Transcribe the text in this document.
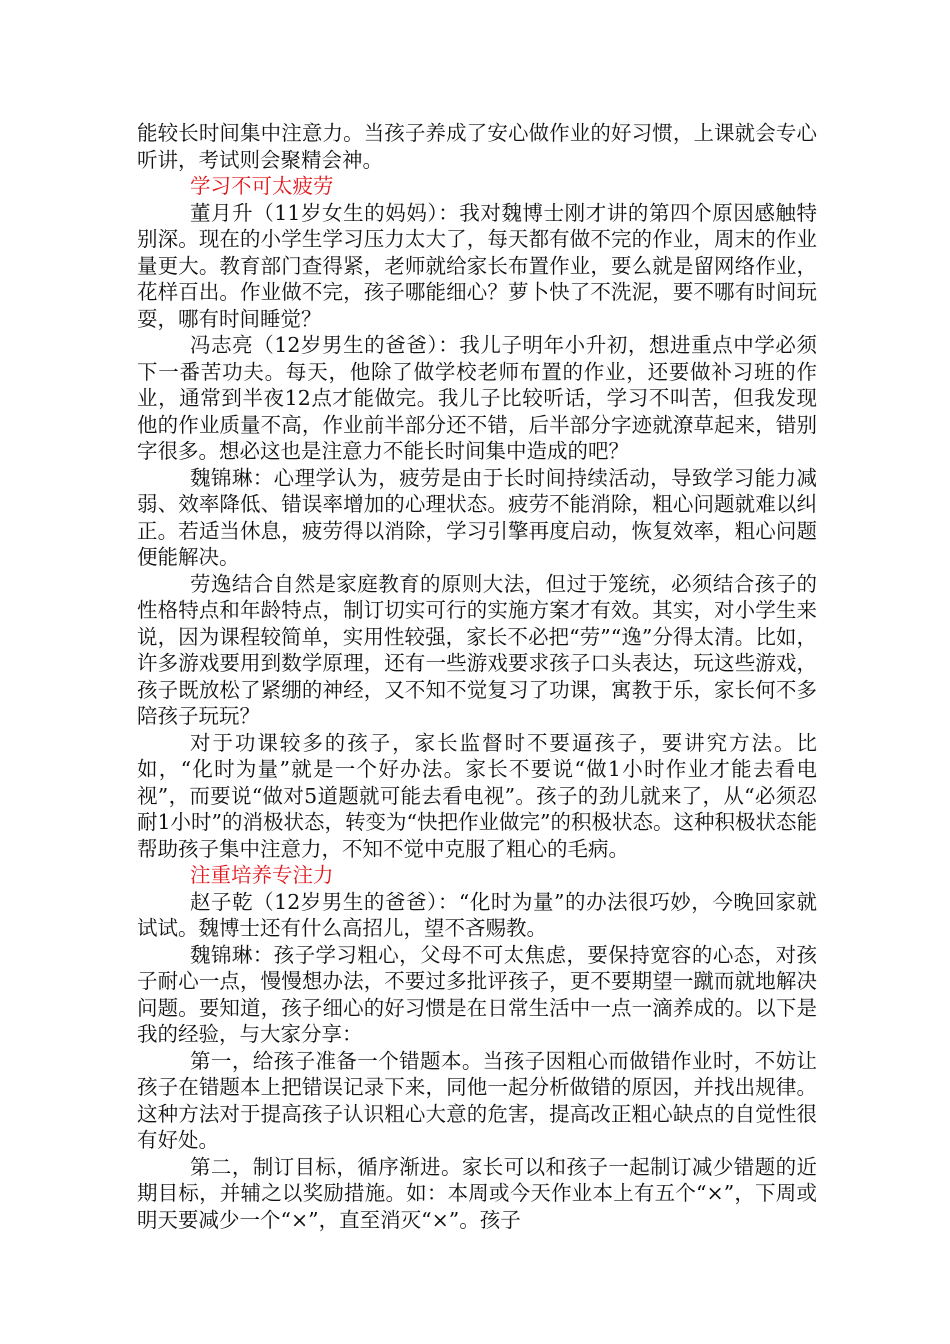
能较长时间集中注意力。当孩子养成了安心做作业的好习惯，上课就会专心听讲，考试则会聚精会神。

学习不可太疲劳

董月升（11岁女生的妈妈）：我对魏博士刚才讲的第四个原因感触特别深。现在的小学生学习压力太大了，每天都有做不完的作业，周末的作业量更大。教育部门查得紧，老师就给家长布置作业，要么就是留网络作业，花样百出。作业做不完，孩子哪能细心？萝卜快了不洗泥，要不哪有时间玩耍，哪有时间睡觉？

冯志亮（12岁男生的爸爸）：我儿子明年小升初，想进重点中学必须下一番苦功夫。每天，他除了做学校老师布置的作业，还要做补习班的作业，通常到半夜12点才能做完。我儿子比较听话，学习不叫苦，但我发现他的作业质量不高，作业前半部分还不错，后半部分字迹就潦草起来，错别字很多。想必这也是注意力不能长时间集中造成的吧？

魏锦琳：心理学认为，疲劳是由于长时间持续活动，导致学习能力减弱、效率降低、错误率增加的心理状态。疲劳不能消除，粗心问题就难以纠正。若适当休息，疲劳得以消除，学习引擎再度启动，恢复效率，粗心问题便能解决。

劳逸结合自然是家庭教育的原则大法，但过于笼统，必须结合孩子的性格特点和年龄特点，制订切实可行的实施方案才有效。其实，对小学生来说，因为课程较简单，实用性较强，家长不必把“劳”“逸”分得太清。比如，许多游戏要用到数学原理，还有一些游戏要求孩子口头表达，玩这些游戏，孩子既放松了紧绷的神经，又不知不觉复习了功课，寓教于乐，家长何不多陪孩子玩玩？

对于功课较多的孩子，家长监督时不要逼孩子，要讲究方法。比如，“化时为量”就是一个好办法。家长不要说“做1小时作业才能去看电视”，而要说“做对5道题就可能去看电视”。孩子的劲儿就来了，从“必须忍耐1小时”的消极状态，转变为“快把作业做完”的积极状态。这种积极状态能帮助孩子集中注意力，不知不觉中克服了粗心的毛病。

注重培养专注力

赵子乾（12岁男生的爸爸）：“化时为量”的办法很巧妙，今晚回家就试试。魏博士还有什么高招儿，望不吝赐教。

魏锦琳：孩子学习粗心，父母不可太焦虑，要保持宽容的心态，对孩子耐心一点，慢慢想办法，不要过多批评孩子，更不要期望一蹴而就地解决问题。要知道，孩子细心的好习惯是在日常生活中一点一滴养成的。以下是我的经验，与大家分享：

第一，给孩子准备一个错题本。当孩子因粗心而做错作业时，不妨让孩子在错题本上把错误记录下来，同他一起分析做错的原因，并找出规律。这种方法对于提高孩子认识粗心大意的危害，提高改正粗心缺点的自觉性很有好处。

第二，制订目标，循序渐进。家长可以和孩子一起制订减少错题的近期目标，并辅之以奖励措施。如：本周或今天作业本上有五个“×”，下周或明天要减少一个“×”，直至消灭“×”。孩子
